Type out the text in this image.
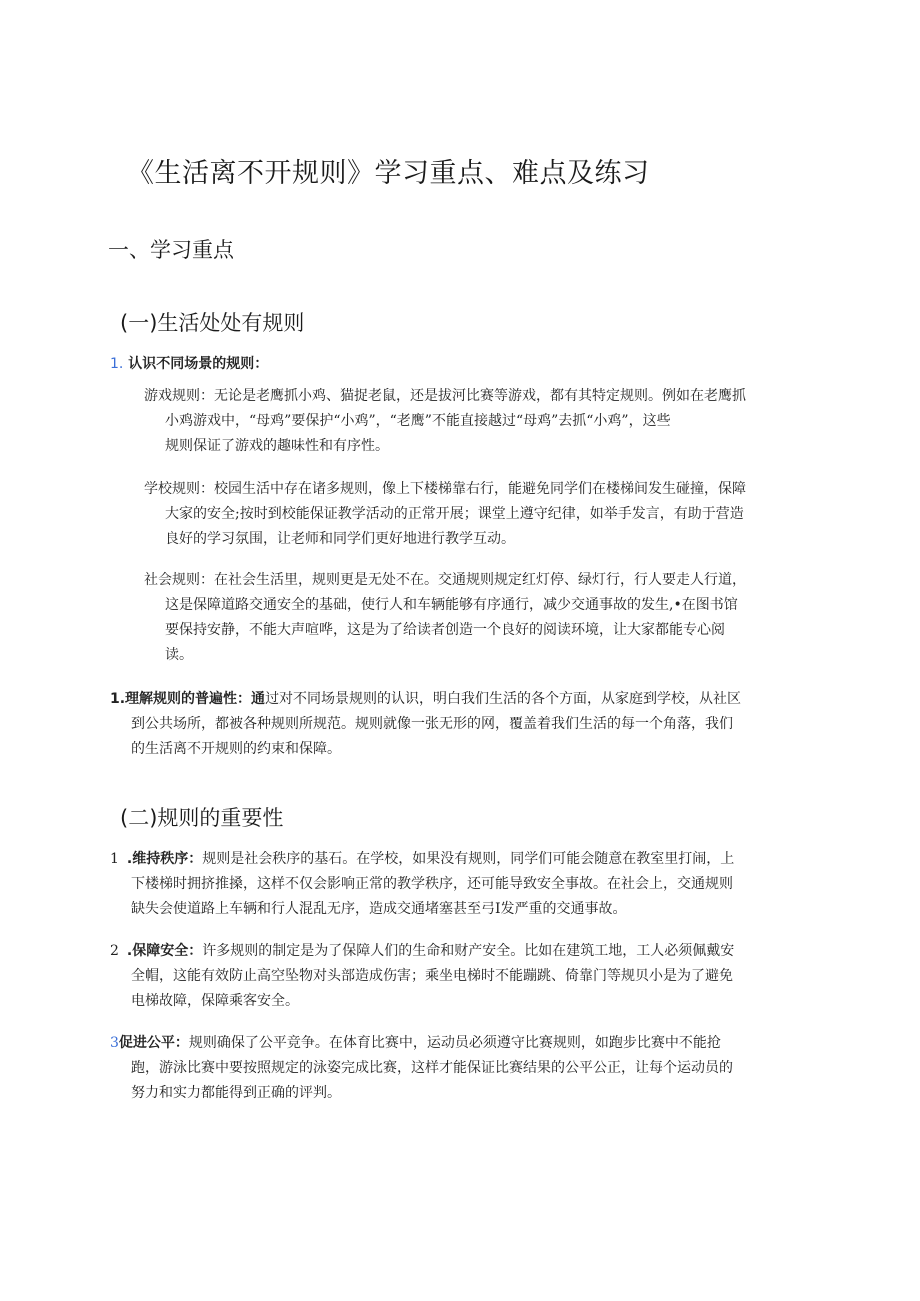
《生活离不开规则》学习重点、难点及练习
一、学习重点
(一)生活处处有规则
1. 认识不同场景的规则：
游戏规则：无论是老鹰抓小鸡、猫捉老鼠，还是拔河比赛等游戏，都有其特定规则。例如在老鹰抓
小鸡游戏中，“母鸡”要保护“小鸡”，“老鹰”不能直接越过“母鸡”去抓“小鸡”，这些
规则保证了游戏的趣味性和有序性。
学校规则：校园生活中存在诸多规则，像上下楼梯靠右行，能避免同学们在楼梯间发生碰撞，保障
大家的安全;按时到校能保证教学活动的正常开展；课堂上遵守纪律，如举手发言，有助于营造
良好的学习氛围，让老师和同学们更好地进行教学互动。
社会规则：在社会生活里，规则更是无处不在。交通规则规定红灯停、绿灯行，行人要走人行道，
这是保障道路交通安全的基础，使行人和车辆能够有序通行，减少交通事故的发生,•在图书馆
要保持安静，不能大声喧哗，这是为了给读者创造一个良好的阅读环境，让大家都能专心阅
读。
1.理解规则的普遍性：通过对不同场景规则的认识，明白我们生活的各个方面，从家庭到学校，从社区
到公共场所，都被各种规则所规范。规则就像一张无形的网，覆盖着我们生活的每一个角落，我们
的生活离不开规则的约束和保障。
(二)规则的重要性
1 .维持秩序：规则是社会秩序的基石。在学校，如果没有规则，同学们可能会随意在教室里打闹，上
下楼梯时拥挤推搡，这样不仅会影响正常的教学秩序，还可能导致安全事故。在社会上，交通规则
缺失会使道路上车辆和行人混乱无序，造成交通堵塞甚至弓I发严重的交通事故。
2 .保障安全：许多规则的制定是为了保障人们的生命和财产安全。比如在建筑工地，工人必须佩戴安
全帽，这能有效防止高空坠物对头部造成伤害；乘坐电梯时不能蹦跳、倚靠门等规贝小是为了避免
电梯故障，保障乘客安全。
3促进公平：规则确保了公平竞争。在体育比赛中，运动员必须遵守比赛规则，如跑步比赛中不能抢
跑，游泳比赛中要按照规定的泳姿完成比赛，这样才能保证比赛结果的公平公正，让每个运动员的
努力和实力都能得到正确的评判。
